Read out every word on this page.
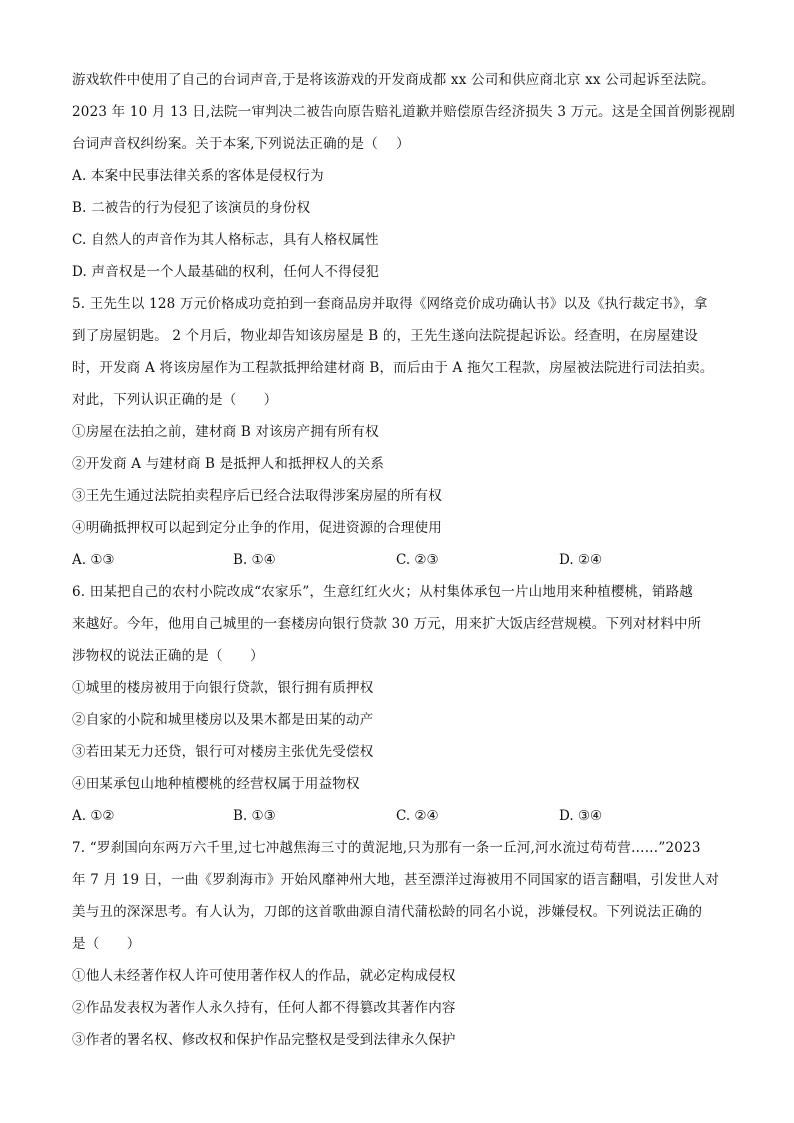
游戏软件中使用了自己的台词声音,于是将该游戏的开发商成都 xx 公司和供应商北京 xx 公司起诉至法院。
2023 年 10 月 13 日,法院一审判决二被告向原告赔礼道歉并赔偿原告经济损失 3 万元。这是全国首例影视剧
台词声音权纠纷案。关于本案,下列说法正确的是（　 ）
A. 本案中民事法律关系的客体是侵权行为
B. 二被告的行为侵犯了该演员的身份权
C. 自然人的声音作为其人格标志，具有人格权属性
D. 声音权是一个人最基础的权利，任何人不得侵犯
5. 王先生以 128 万元价格成功竞拍到一套商品房并取得《网络竞价成功确认书》以及《执行裁定书》，拿
到了房屋钥匙。 2 个月后，物业却告知该房屋是 B 的，王先生遂向法院提起诉讼。经查明，在房屋建设
时，开发商 A 将该房屋作为工程款抵押给建材商 B，而后由于 A 拖欠工程款，房屋被法院进行司法拍卖。
对此，下列认识正确的是（　　）
①房屋在法拍之前，建材商 B 对该房产拥有所有权
②开发商 A 与建材商 B 是抵押人和抵押权人的关系
③王先生通过法院拍卖程序后已经合法取得涉案房屋的所有权
④明确抵押权可以起到定分止争的作用，促进资源的合理使用
A. ①③	B. ①④	C. ②③	D. ②④
6. 田某把自己的农村小院改成“农家乐”，生意红红火火；从村集体承包一片山地用来种植樱桃，销路越
来越好。今年，他用自己城里的一套楼房向银行贷款 30 万元，用来扩大饭店经营规模。下列对材料中所
涉物权的说法正确的是（　　）
①城里的楼房被用于向银行贷款，银行拥有质押权
②自家的小院和城里楼房以及果木都是田某的动产
③若田某无力还贷，银行可对楼房主张优先受偿权
④田某承包山地种植樱桃的经营权属于用益物权
A. ①②	B. ①③	C. ②④	D. ③④
7. “罗刹国向东两万六千里,过七冲越焦海三寸的黄泥地,只为那有一条一丘河,河水流过苟苟营……”2023
年 7 月 19 日，一曲《罗刹海市》开始风靡神州大地，甚至漂洋过海被用不同国家的语言翻唱，引发世人对
美与丑的深深思考。有人认为，刀郎的这首歌曲源自清代蒲松龄的同名小说，涉嫌侵权。下列说法正确的
是（　　）
①他人未经著作权人许可使用著作权人的作品，就必定构成侵权
②作品发表权为著作人永久持有，任何人都不得篡改其著作内容
③作者的署名权、修改权和保护作品完整权是受到法律永久保护
